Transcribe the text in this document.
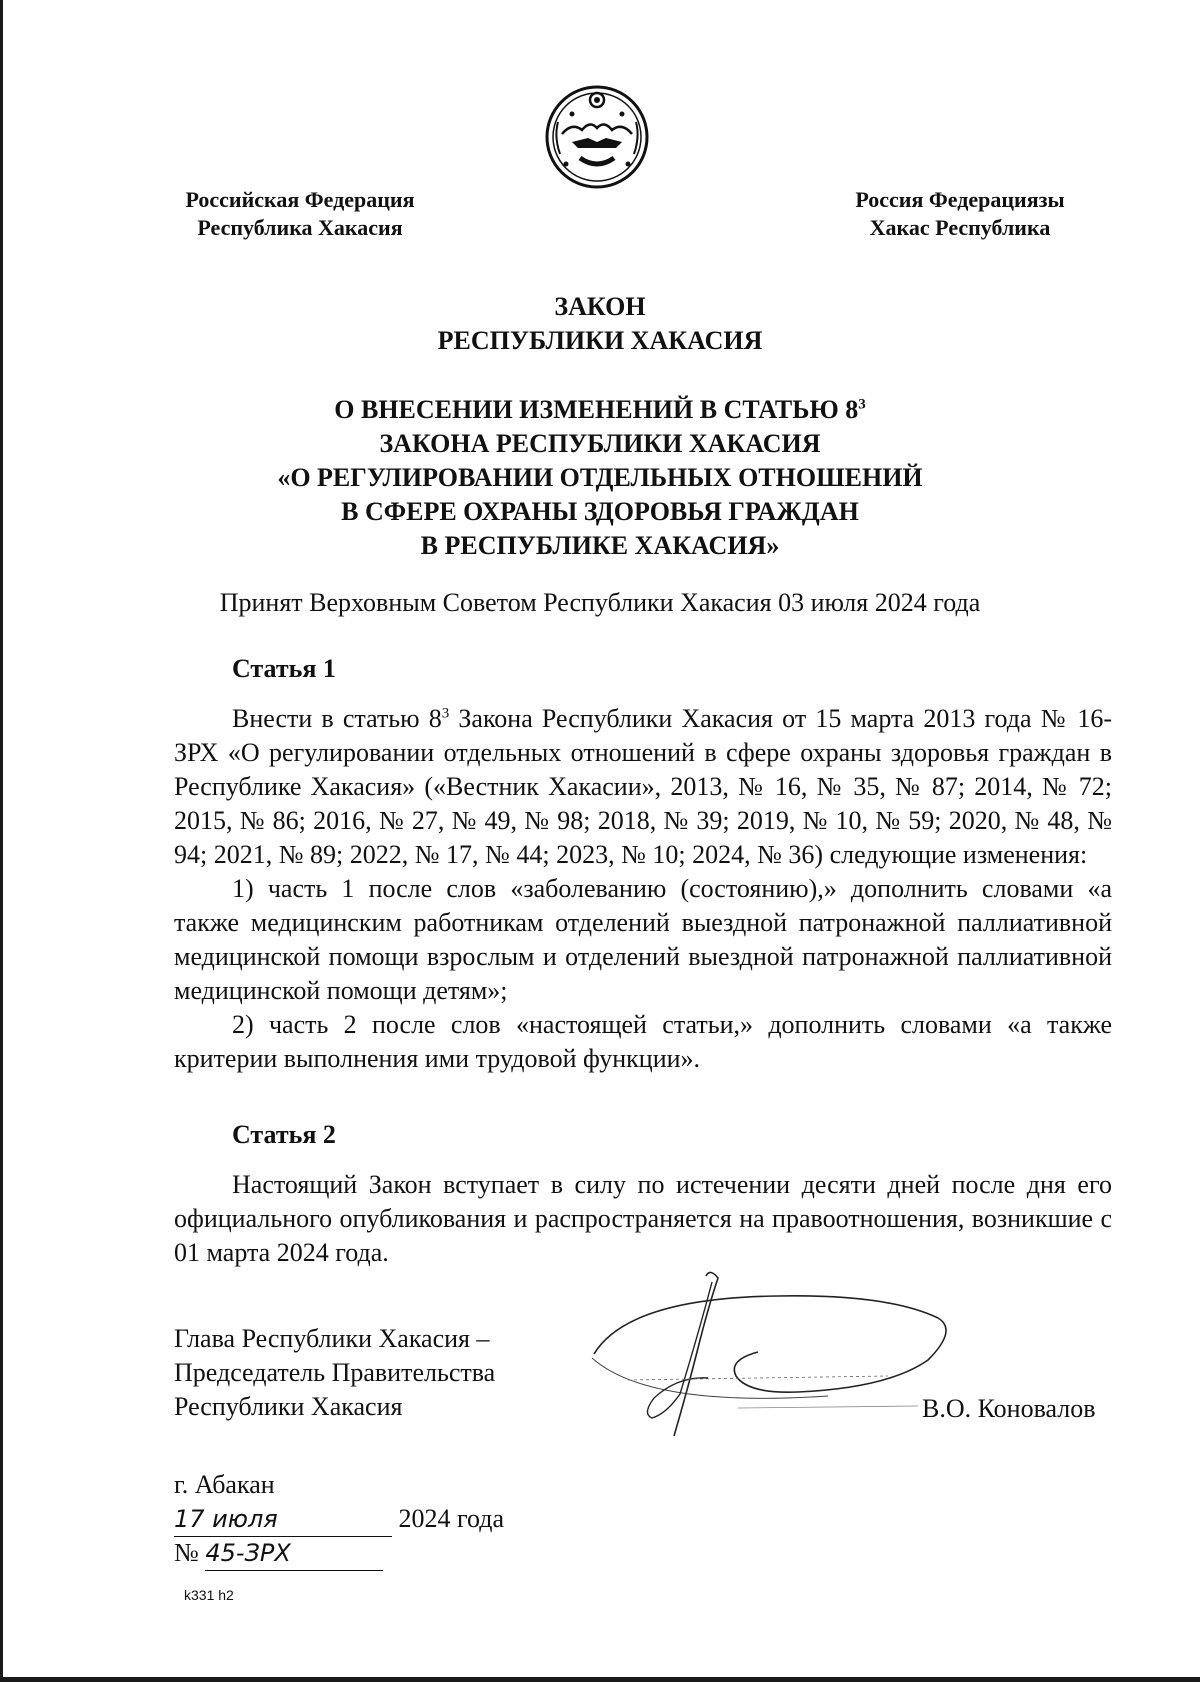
Российская Федерация
Республика Хакасия
Россия Федерациязы
Хакас Республика
ЗАКОН
РЕСПУБЛИКИ ХАКАСИЯ
О ВНЕСЕНИИ ИЗМЕНЕНИЙ В СТАТЬЮ $8^3$
ЗАКОНА РЕСПУБЛИКИ ХАКАСИЯ
«О РЕГУЛИРОВАНИИ ОТДЕЛЬНЫХ ОТНОШЕНИЙ
В СФЕРЕ ОХРАНЫ ЗДОРОВЬЯ ГРАЖДАН
В РЕСПУБЛИКЕ ХАКАСИЯ»
Принят Верховным Советом Республики Хакасия 03 июля 2024 года
Статья 1

Внести в статью $8^3$ Закона Республики Хакасия от 15 марта 2013 года № 16-ЗРХ «О регулировании отдельных отношений в сфере охраны здоровья граждан в Республике Хакасия» («Вестник Хакасии», 2013, № 16, № 35, № 87; 2014, № 72; 2015, № 86; 2016, № 27, № 49, № 98; 2018, № 39; 2019, № 10, № 59; 2020, № 48, № 94; 2021, № 89; 2022, № 17, № 44; 2023, № 10; 2024, № 36) следующие изменения:

1) часть 1 после слов «заболеванию (состоянию),» дополнить словами «а также медицинским работникам отделений выездной патронажной паллиативной медицинской помощи взрослым и отделений выездной патронажной паллиативной медицинской помощи детям»;

2) часть 2 после слов «настоящей статьи,» дополнить словами «а также критерии выполнения ими трудовой функции».

Статья 2

Настоящий Закон вступает в силу по истечении десяти дней после дня его официального опубликования и распространяется на правоотношения, возникшие с 01 марта 2024 года.

Глава Республики Хакасия –
Председатель Правительства
Республики Хакасия	В.О. Коновалов
г. Абакан
17 июля	2024 года
№ 45-ЗРХ
k331 h2
